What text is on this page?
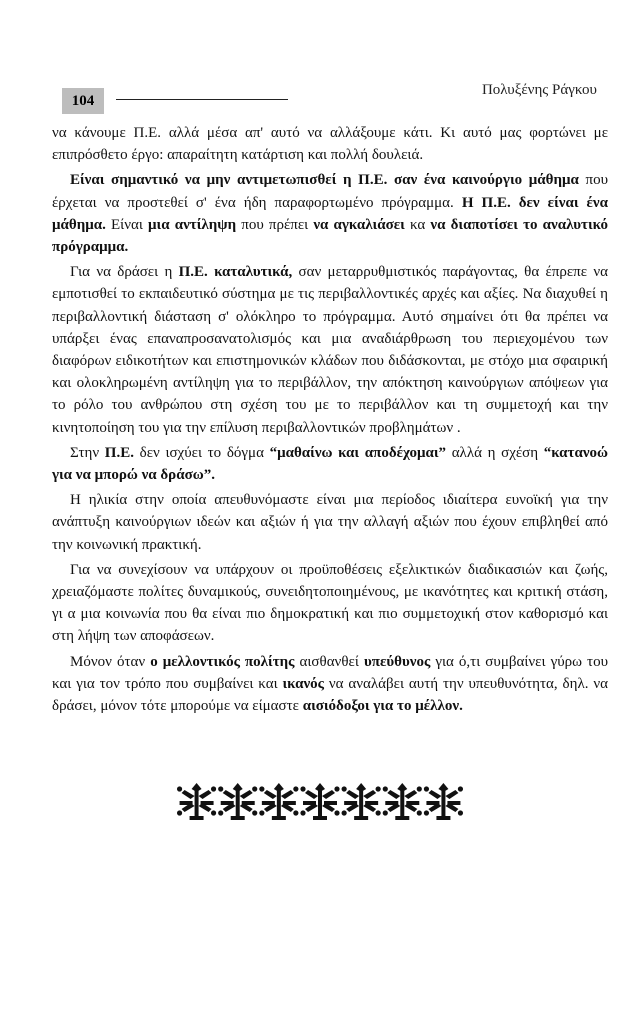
104
Πολυξένης Ράγκου

να κάνουμε Π.Ε. αλλά μέσα απ' αυτό να αλλάξουμε κάτι. Κι αυτό μας φορτώνει με επιπρόσθετο έργο: απαραίτητη κατάρτιση και πολλή δουλειά.

Είναι σημαντικό να μην αντιμετωπισθεί η Π.Ε. σαν ένα καινούργιο μάθημα που έρχεται να προστεθεί σ' ένα ήδη παραφορτωμένο πρόγραμμα. Η Π.Ε. δεν είναι ένα μάθημα. Είναι μια αντίληψη που πρέπει να αγκαλιάσει κα να διαποτίσει το αναλυτικό πρόγραμμα.

Για να δράσει η Π.Ε. καταλυτικά, σαν μεταρρυθμιστικός παράγοντας, θα έπρεπε να εμποτισθεί το εκπαιδευτικό σύστημα με τις περιβαλλοντικές αρχές και αξίες. Να διαχυθεί η περιβαλλοντική διάσταση σ' ολόκληρο το πρόγραμμα. Αυτό σημαίνει ότι θα πρέπει να υπάρξει ένας επαναπροσανατολισμός και μια αναδιάρθρωση του περιεχομένου των διαφόρων ειδικοτήτων και επιστημονικών κλάδων που διδάσκονται, με στόχο μια σφαιρική και ολοκληρωμένη αντίληψη για το περιβάλλον, την απόκτηση καινούργιων απόψεων για το ρόλο του ανθρώπου στη σχέση του με το περιβάλλον και τη συμμετοχή και την κινητοποίηση του για την επίλυση περιβαλλοντικών προβλημάτων .

Στην Π.Ε. δεν ισχύει το δόγμα “μαθαίνω και αποδέχομαι” αλλά η σχέση “κατανοώ για να μπορώ να δράσω”.

Η ηλικία στην οποία απευθυνόμαστε είναι μια περίοδος ιδιαίτερα ευνοϊκή για την ανάπτυξη καινούργιων ιδεών και αξιών ή για την αλλαγή αξιών που έχουν επιβληθεί από την κοινωνική πρακτική.

Για να συνεχίσουν να υπάρχουν οι προϋποθέσεις εξελικτικών διαδικασιών και ζωής, χρειαζόμαστε πολίτες δυναμικούς, συνειδητοποιημένους, με ικανότητες και κριτική στάση, γι α μια κοινωνία που θα είναι πιο δημοκρατική και πιο συμμετοχική στον καθορισμό και στη λήψη των αποφάσεων.

Μόνον όταν ο μελλοντικός πολίτης αισθανθεί υπεύθυνος για ό,τι συμβαίνει γύρω του και για τον τρόπο που συμβαίνει και ικανός να αναλάβει αυτή την υπευθυνότητα, δηλ. να δράσει, μόνον τότε μπορούμε να είμαστε αισιόδοξοι για το μέλλον.
